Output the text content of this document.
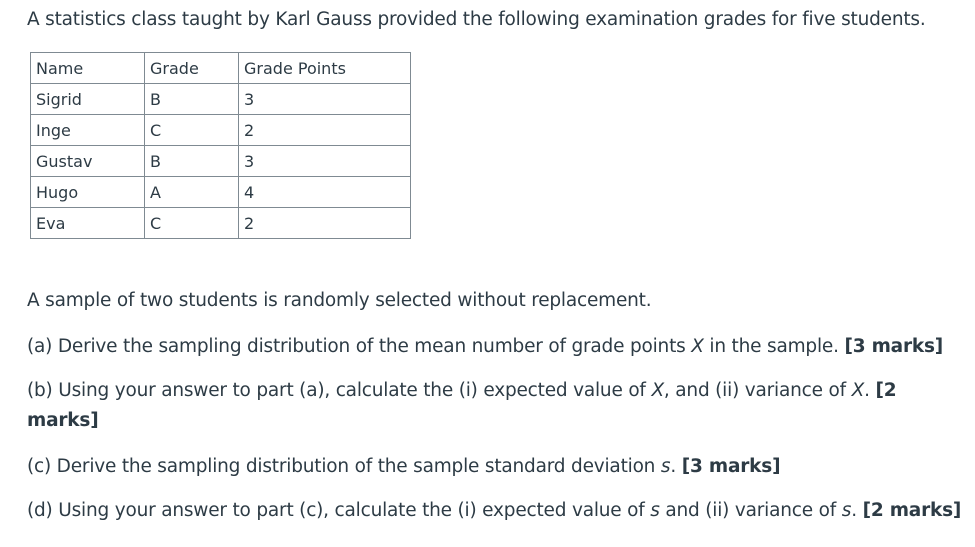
A statistics class taught by Karl Gauss provided the following examination grades for five students.
Name	Grade	Grade Points
Sigrid	B	3
Inge	C	2
Gustav	B	3
Hugo	A	4
Eva	C	2
A sample of two students is randomly selected without replacement.
(a) Derive the sampling distribution of the mean number of grade points X in the sample. [3 marks]
(b) Using your answer to part (a), calculate the (i) expected value of X, and (ii) variance of X. [2
marks]
(c) Derive the sampling distribution of the sample standard deviation s. [3 marks]
(d) Using your answer to part (c), calculate the (i) expected value of s and (ii) variance of s. [2 marks]
